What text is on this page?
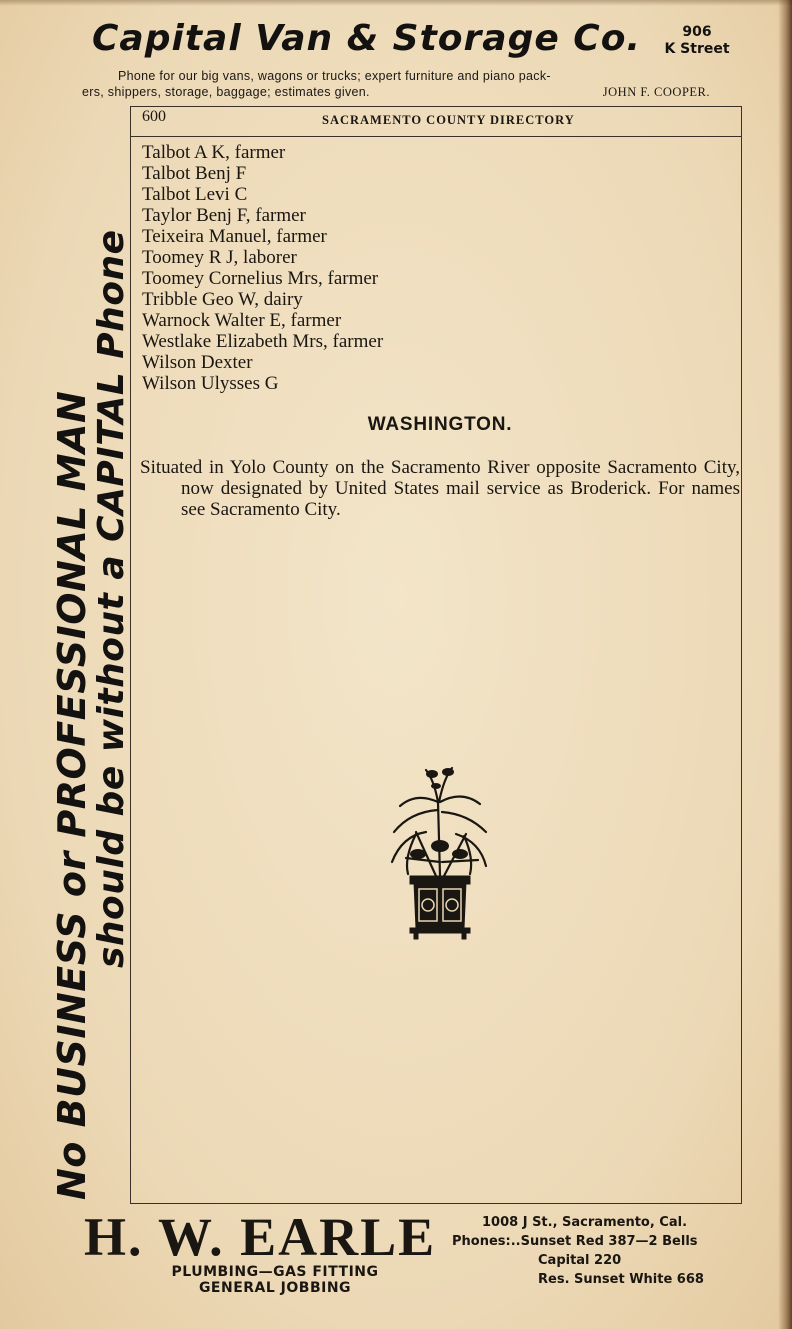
Capital Van & Storage Co.	906
K Street
Phone for our big vans, wagons or trucks; expert furniture and piano pack-
ers, shippers, storage, baggage; estimates given.	JOHN F. COOPER.
No BUSINESS or PROFESSIONAL MAN
should be without a CAPITAL Phone
600	SACRAMENTO COUNTY DIRECTORY
Talbot A K, farmer
Talbot Benj F
Talbot Levi C
Taylor Benj F, farmer
Teixeira Manuel, farmer
Toomey R J, laborer
Toomey Cornelius Mrs, farmer
Tribble Geo W, dairy
Warnock Walter E, farmer
Westlake Elizabeth Mrs, farmer
Wilson Dexter
Wilson Ulysses G
WASHINGTON.
Situated in Yolo County on the Sacramento River opposite Sacramento City, now designated by United States mail service as Broderick. For names see Sacramento City.
H. W. EARLE
PLUMBING—GAS FITTING
GENERAL JOBBING
1008 J St., Sacramento, Cal.
Phones:..Sunset Red 387—2 Bells
Capital 220
Res. Sunset White 668
